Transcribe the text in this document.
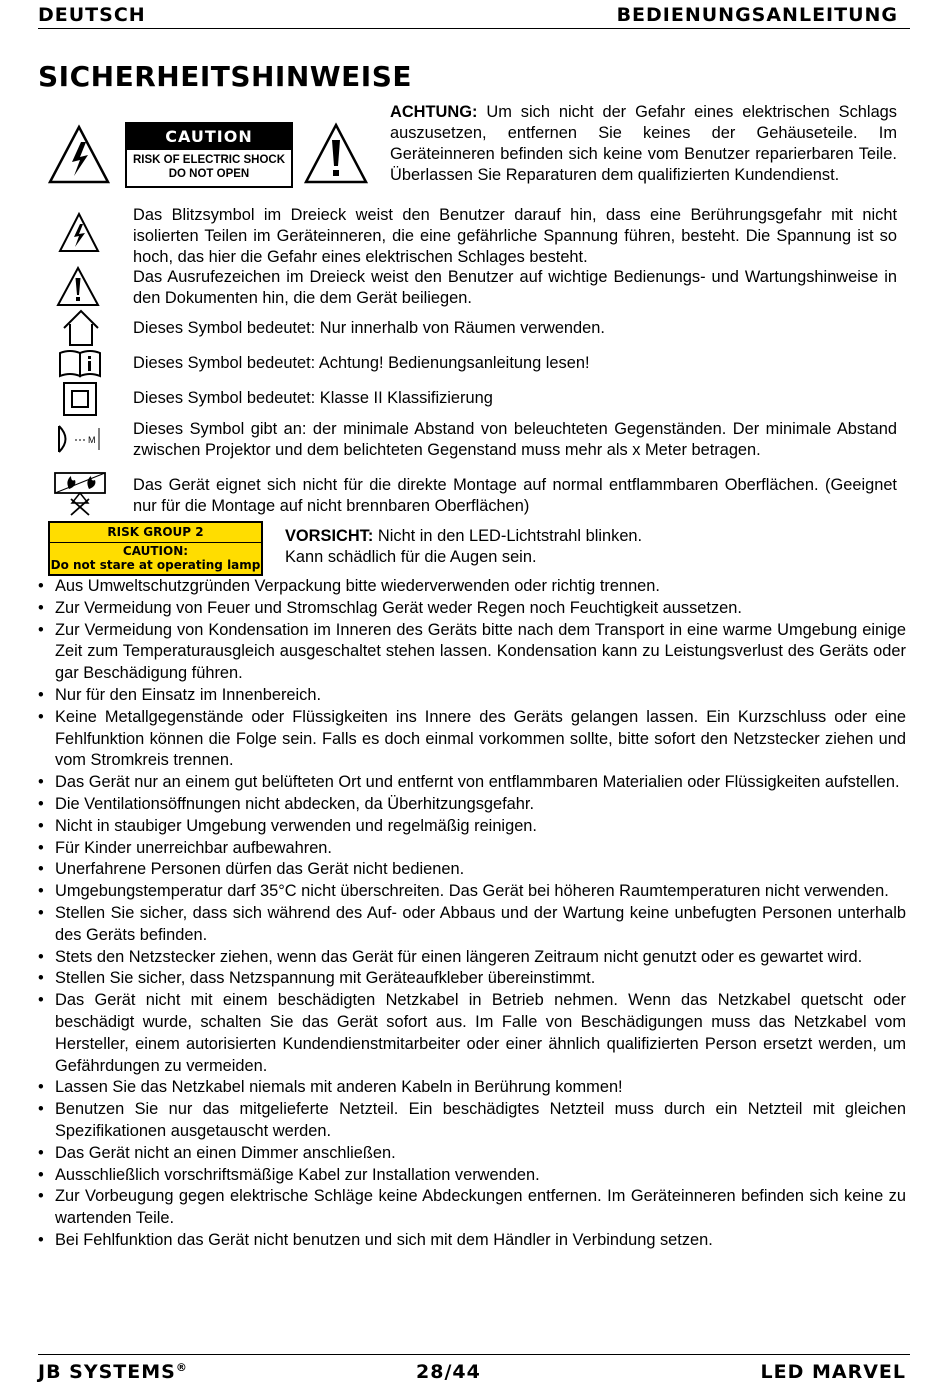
DEUTSCH	BEDIENUNGSANLEITUNG
SICHERHEITSHINWEISE
CAUTION
RISK OF ELECTRIC SHOCK
DO NOT OPEN
ACHTUNG: Um sich nicht der Gefahr eines elektrischen Schlags auszusetzen, entfernen Sie keines der Gehäuseteile. Im Geräteinneren befinden sich keine vom Benutzer reparierbaren Teile. Überlassen Sie Reparaturen dem qualifizierten Kundendienst.
Das Blitzsymbol im Dreieck weist den Benutzer darauf hin, dass eine Berührungsgefahr mit nicht isolierten Teilen im Geräteinneren, die eine gefährliche Spannung führen, besteht. Die Spannung ist so hoch, das hier die Gefahr eines elektrischen Schlages besteht.
Das Ausrufezeichen im Dreieck weist den Benutzer auf wichtige Bedienungs- und Wartungshinweise in den Dokumenten hin, die dem Gerät beiliegen.
Dieses Symbol bedeutet: Nur innerhalb von Räumen verwenden.
Dieses Symbol bedeutet: Achtung! Bedienungsanleitung lesen!
Dieses Symbol bedeutet: Klasse II Klassifizierung
M
Dieses Symbol gibt an: der minimale Abstand von beleuchteten Gegenständen. Der minimale Abstand zwischen Projektor und dem belichteten Gegenstand muss mehr als x Meter betragen.
Das Gerät eignet sich nicht für die direkte Montage auf normal entflammbaren Oberflächen. (Geeignet nur für die Montage auf nicht brennbaren Oberflächen)
RISK GROUP 2
CAUTION:
Do not stare at operating lamp
VORSICHT: Nicht in den LED-Lichtstrahl blinken.
Kann schädlich für die Augen sein.
• Aus Umweltschutzgründen Verpackung bitte wiederverwenden oder richtig trennen.
• Zur Vermeidung von Feuer und Stromschlag Gerät weder Regen noch Feuchtigkeit aussetzen.
• Zur Vermeidung von Kondensation im Inneren des Geräts bitte nach dem Transport in eine warme Umgebung einige Zeit zum Temperaturausgleich ausgeschaltet stehen lassen. Kondensation kann zu Leistungsverlust des Geräts oder gar Beschädigung führen.
• Nur für den Einsatz im Innenbereich.
• Keine Metallgegenstände oder Flüssigkeiten ins Innere des Geräts gelangen lassen. Ein Kurzschluss oder eine Fehlfunktion können die Folge sein. Falls es doch einmal vorkommen sollte, bitte sofort den Netzstecker ziehen und vom Stromkreis trennen.
• Das Gerät nur an einem gut belüfteten Ort und entfernt von entflammbaren Materialien oder Flüssigkeiten aufstellen.
• Die Ventilationsöffnungen nicht abdecken, da Überhitzungsgefahr.
• Nicht in staubiger Umgebung verwenden und regelmäßig reinigen.
• Für Kinder unerreichbar aufbewahren.
• Unerfahrene Personen dürfen das Gerät nicht bedienen.
• Umgebungstemperatur darf 35°C nicht überschreiten. Das Gerät bei höheren Raumtemperaturen nicht verwenden.
• Stellen Sie sicher, dass sich während des Auf- oder Abbaus und der Wartung keine unbefugten Personen unterhalb des Geräts befinden.
• Stets den Netzstecker ziehen, wenn das Gerät für einen längeren Zeitraum nicht genutzt oder es gewartet wird.
• Stellen Sie sicher, dass Netzspannung mit Geräteaufkleber übereinstimmt.
• Das Gerät nicht mit einem beschädigten Netzkabel in Betrieb nehmen. Wenn das Netzkabel quetscht oder beschädigt wurde, schalten Sie das Gerät sofort aus. Im Falle von Beschädigungen muss das Netzkabel vom Hersteller, einem autorisierten Kundendienstmitarbeiter oder einer ähnlich qualifizierten Person ersetzt werden, um Gefährdungen zu vermeiden.
• Lassen Sie das Netzkabel niemals mit anderen Kabeln in Berührung kommen!
• Benutzen Sie nur das mitgelieferte Netzteil. Ein beschädigtes Netzteil muss durch ein Netzteil mit gleichen Spezifikationen ausgetauscht werden.
• Das Gerät nicht an einen Dimmer anschließen.
• Ausschließlich vorschriftsmäßige Kabel zur Installation verwenden.
• Zur Vorbeugung gegen elektrische Schläge keine Abdeckungen entfernen. Im Geräteinneren befinden sich keine zu wartenden Teile.
• Bei Fehlfunktion das Gerät nicht benutzen und sich mit dem Händler in Verbindung setzen.
JB SYSTEMS®	28/44	LED MARVEL
